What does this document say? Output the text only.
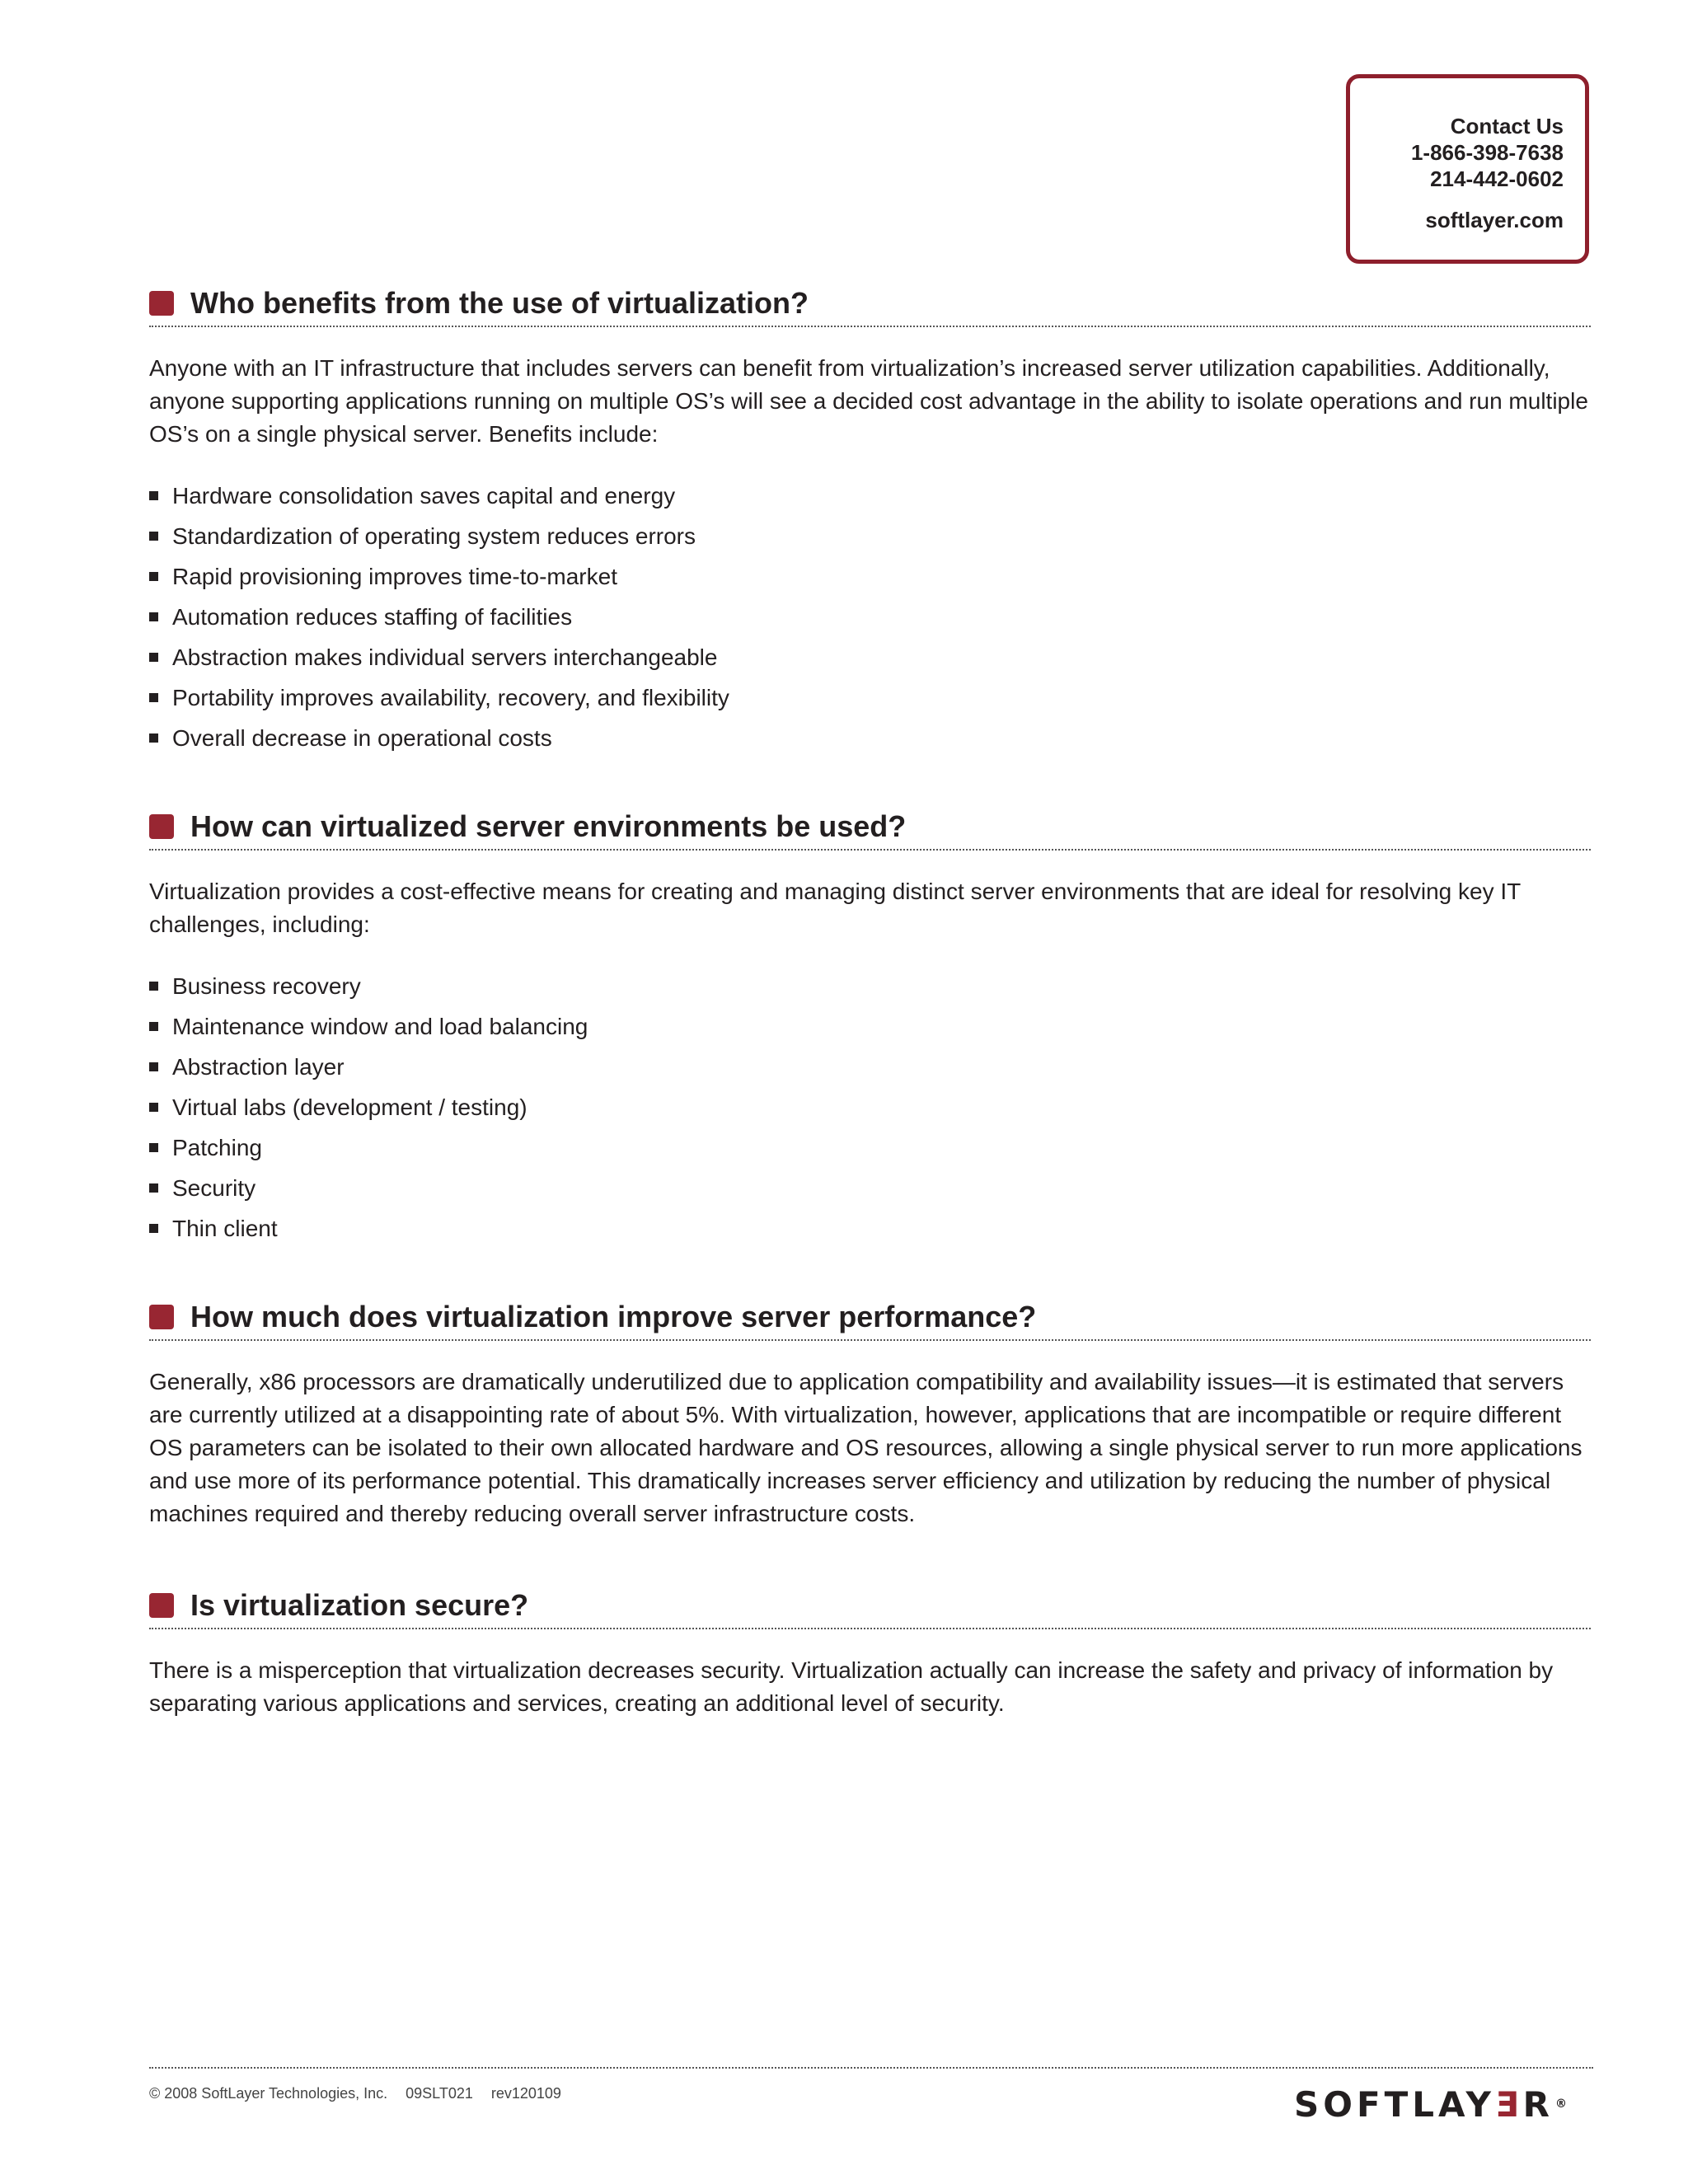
Contact Us
1-866-398-7638
214-442-0602
softlayer.com
Who benefits from the use of virtualization?

Anyone with an IT infrastructure that includes servers can benefit from virtualization’s increased server utilization capabilities. Additionally, anyone supporting applications running on multiple OS’s will see a decided cost advantage in the ability to isolate operations and run multiple OS’s on a single physical server. Benefits include:

Hardware consolidation saves capital and energy
Standardization of operating system reduces errors
Rapid provisioning improves time-to-market
Automation reduces staffing of facilities
Abstraction makes individual servers interchangeable
Portability improves availability, recovery, and flexibility
Overall decrease in operational costs
How can virtualized server environments be used?

Virtualization provides a cost-effective means for creating and managing distinct server environments that are ideal for resolving key IT challenges, including:

Business recovery
Maintenance window and load balancing
Abstraction layer
Virtual labs (development / testing)
Patching
Security
Thin client
How much does virtualization improve server performance?

Generally, x86 processors are dramatically underutilized due to application compatibility and availability issues—it is estimated that servers are currently utilized at a disappointing rate of about 5%. With virtualization, however, applications that are incompatible or require different OS parameters can be isolated to their own allocated hardware and OS resources, allowing a single physical server to run more applications and use more of its performance potential. This dramatically increases server efficiency and utilization by reducing the number of physical machines required and thereby reducing overall server infrastructure costs.

Is virtualization secure?

There is a misperception that virtualization decreases security. Virtualization actually can increase the safety and privacy of information by separating various applications and services, creating an additional level of security.

© 2008 SoftLayer Technologies, Inc. 09SLT021 rev120109	SOFTLAY Ǝ R ®
